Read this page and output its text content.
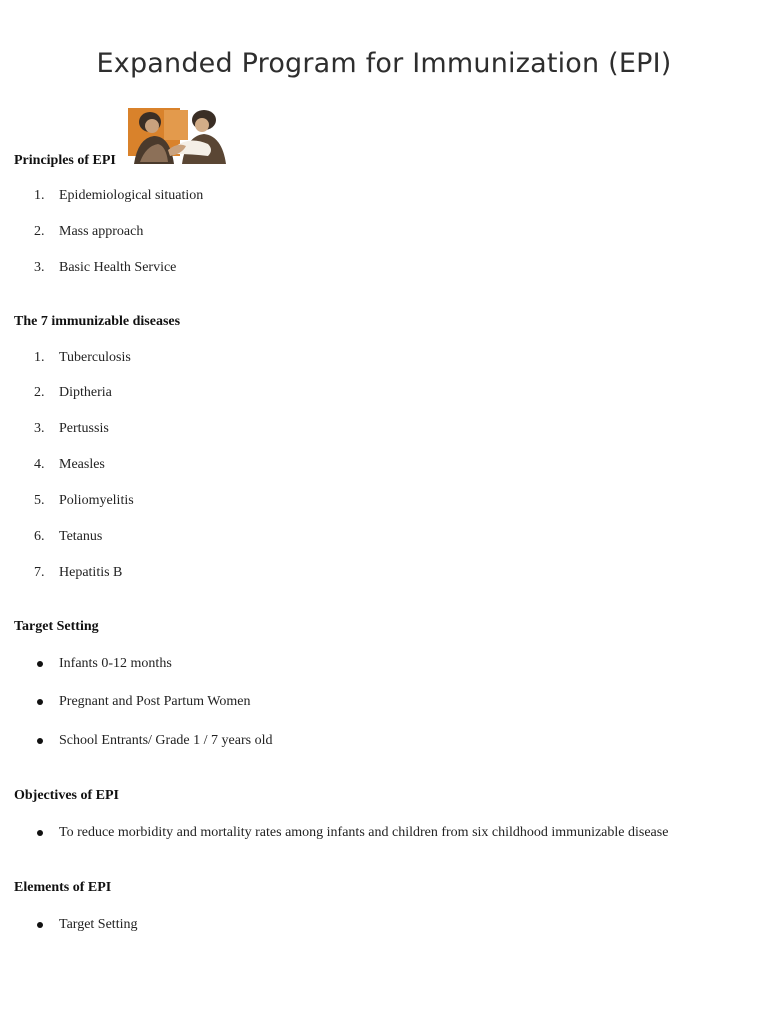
Expanded Program for Immunization (EPI)
Principles of EPI
1.	Epidemiological situation
2.	Mass approach
3.	Basic Health Service
The 7 immunizable diseases
1.	Tuberculosis
2.	Diptheria
3.	Pertussis
4.	Measles
5.	Poliomyelitis
6.	Tetanus
7.	Hepatitis B
Target Setting
Infants 0-12 months
Pregnant and Post Partum Women
School Entrants/ Grade 1 / 7 years old
Objectives of EPI
To reduce morbidity and mortality rates among infants and children from six childhood immunizable disease
Elements of EPI
Target Setting
